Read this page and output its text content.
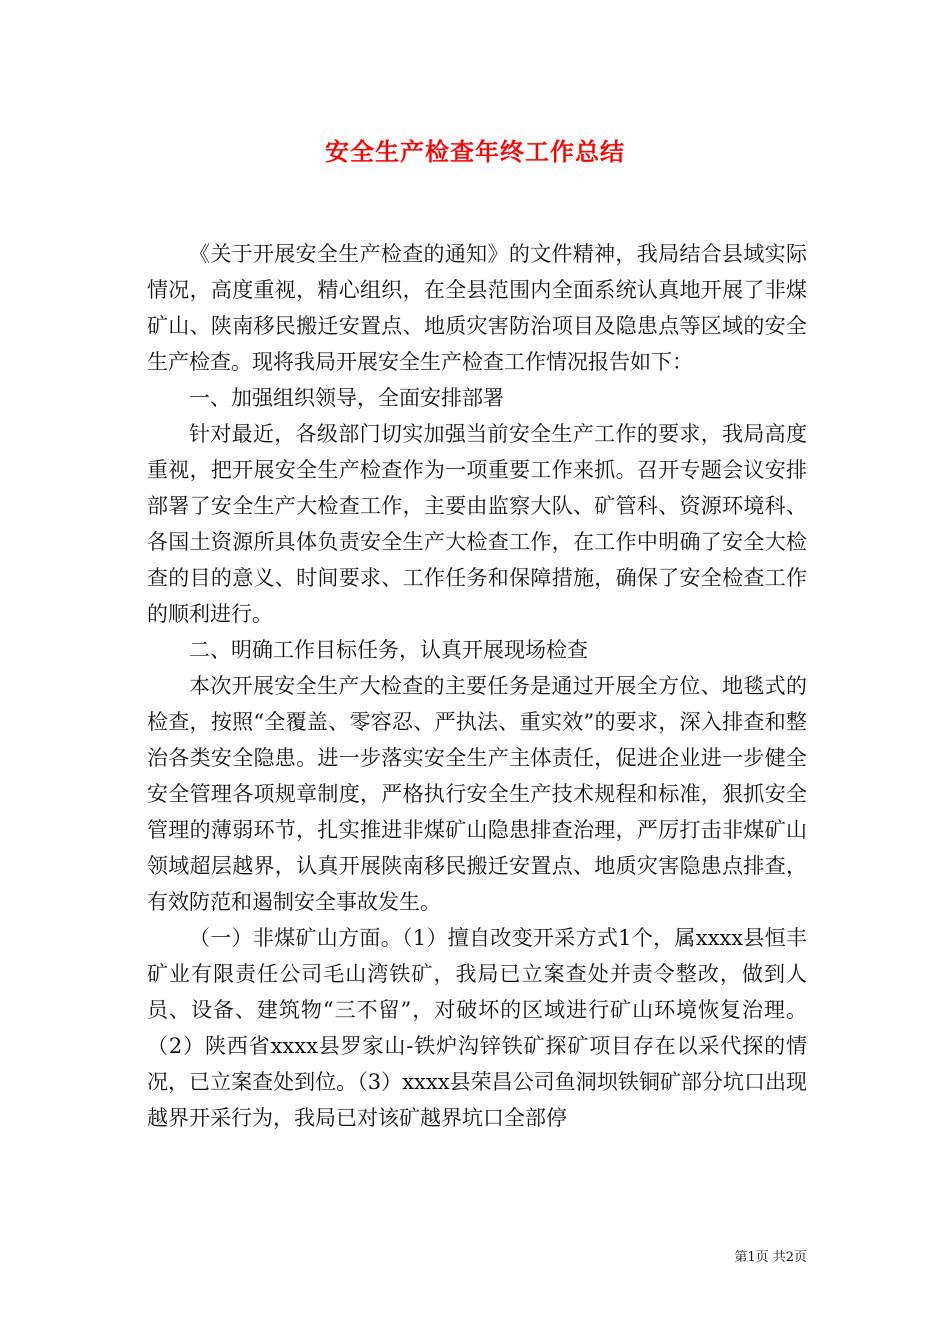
安全生产检查年终工作总结

《关于开展安全生产检查的通知》的文件精神，我局结合县域实际情况，高度重视，精心组织，在全县范围内全面系统认真地开展了非煤矿山、陕南移民搬迁安置点、地质灾害防治项目及隐患点等区域的安全生产检查。现将我局开展安全生产检查工作情况报告如下：

一、加强组织领导，全面安排部署

针对最近，各级部门切实加强当前安全生产工作的要求，我局高度重视，把开展安全生产检查作为一项重要工作来抓。召开专题会议安排部署了安全生产大检查工作，主要由监察大队、矿管科、资源环境科、各国土资源所具体负责安全生产大检查工作，在工作中明确了安全大检查的目的意义、时间要求、工作任务和保障措施，确保了安全检查工作的顺利进行。

二、明确工作目标任务，认真开展现场检查

本次开展安全生产大检查的主要任务是通过开展全方位、地毯式的检查，按照“全覆盖、零容忍、严执法、重实效”的要求，深入排查和整治各类安全隐患。进一步落实安全生产主体责任，促进企业进一步健全安全管理各项规章制度，严格执行安全生产技术规程和标准，狠抓安全管理的薄弱环节，扎实推进非煤矿山隐患排查治理，严厉打击非煤矿山领域超层越界，认真开展陕南移民搬迁安置点、地质灾害隐患点排查，有效防范和遏制安全事故发生。

（一）非煤矿山方面。（1）擅自改变开采方式1个，属xxxx县恒丰矿业有限责任公司毛山湾铁矿，我局已立案查处并责令整改，做到人员、设备、建筑物“三不留”，对破坏的区域进行矿山环境恢复治理。（2）陕西省xxxx县罗家山-铁炉沟锌铁矿探矿项目存在以采代探的情况，已立案查处到位。（3）xxxx县荣昌公司鱼洞坝铁铜矿部分坑口出现越界开采行为，我局已对该矿越界坑口全部停

第1页 共2页
